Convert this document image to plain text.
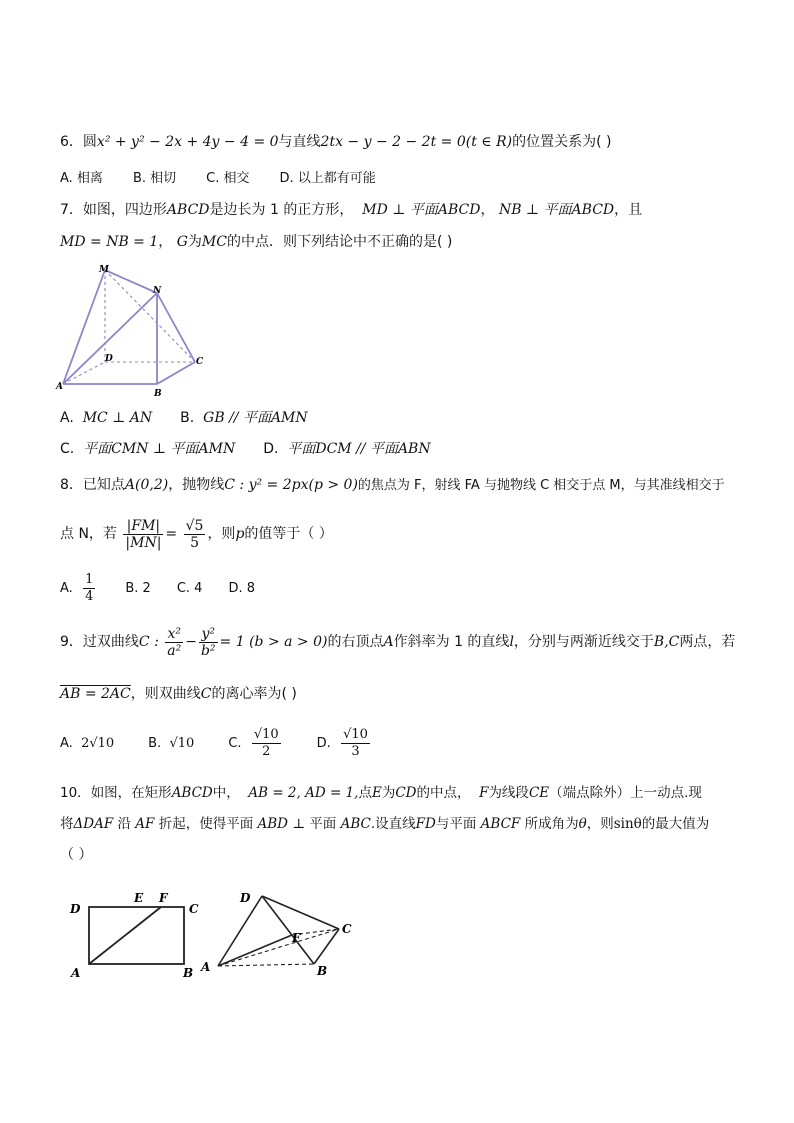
6．圆x² + y² − 2x + 4y − 4 = 0与直线2tx − y − 2 − 2t = 0(t ∈ R)的位置关系为( )
A. 相离 B. 相切 C. 相交 D. 以上都有可能
7．如图，四边形ABCD是边长为 1 的正方形， MD ⊥ 平面ABCD， NB ⊥ 平面ABCD，且
MD = NB = 1， G为MC的中点．则下列结论中不正确的是( )
M
N
D	C
A
B
A. MC ⊥ AN B. GB // 平面AMN
C. 平面CMN ⊥ 平面AMN D. 平面DCM // 平面ABN
8．已知点A(0,2)，抛物线C : y² = 2px(p > 0)的焦点为 F，射线 FA 与抛物线 C 相交于点 M，与其准线相交于
点 N，若 $\frac{|FM|}{|MN|} = \frac{√5}{5}$ ，则p的值等于（ ）
A. $\frac{1}{4} B$. 2 C. 4 D. 8
9．过双曲线C : $\frac{\text{x²}}{\text{a²}} - \frac{\text{y²}}{\text{b²}} = 1$ (b > a > 0)的右顶点A作斜率为 1 的直线l，分别与两渐近线交于B,C两点，若
AB = 2AC，则双曲线C的离心率为( )
A. 2√10	B. √10	C. $\frac{√10}{2}$	D. $\frac{√10}{3}$
10．如图，在矩形ABCD中， AB = 2, AD = 1,点E为CD的中点， F为线段CE（端点除外）上一动点.现
将ΔDAF 沿 AF 折起，使得平面 ABD ⊥ 平面 ABC.设直线FD与平面 ABCF 所成角为θ，则sinθ的最大值为
（ ）
D
E F
C
A	B
D
F
C
A	B
